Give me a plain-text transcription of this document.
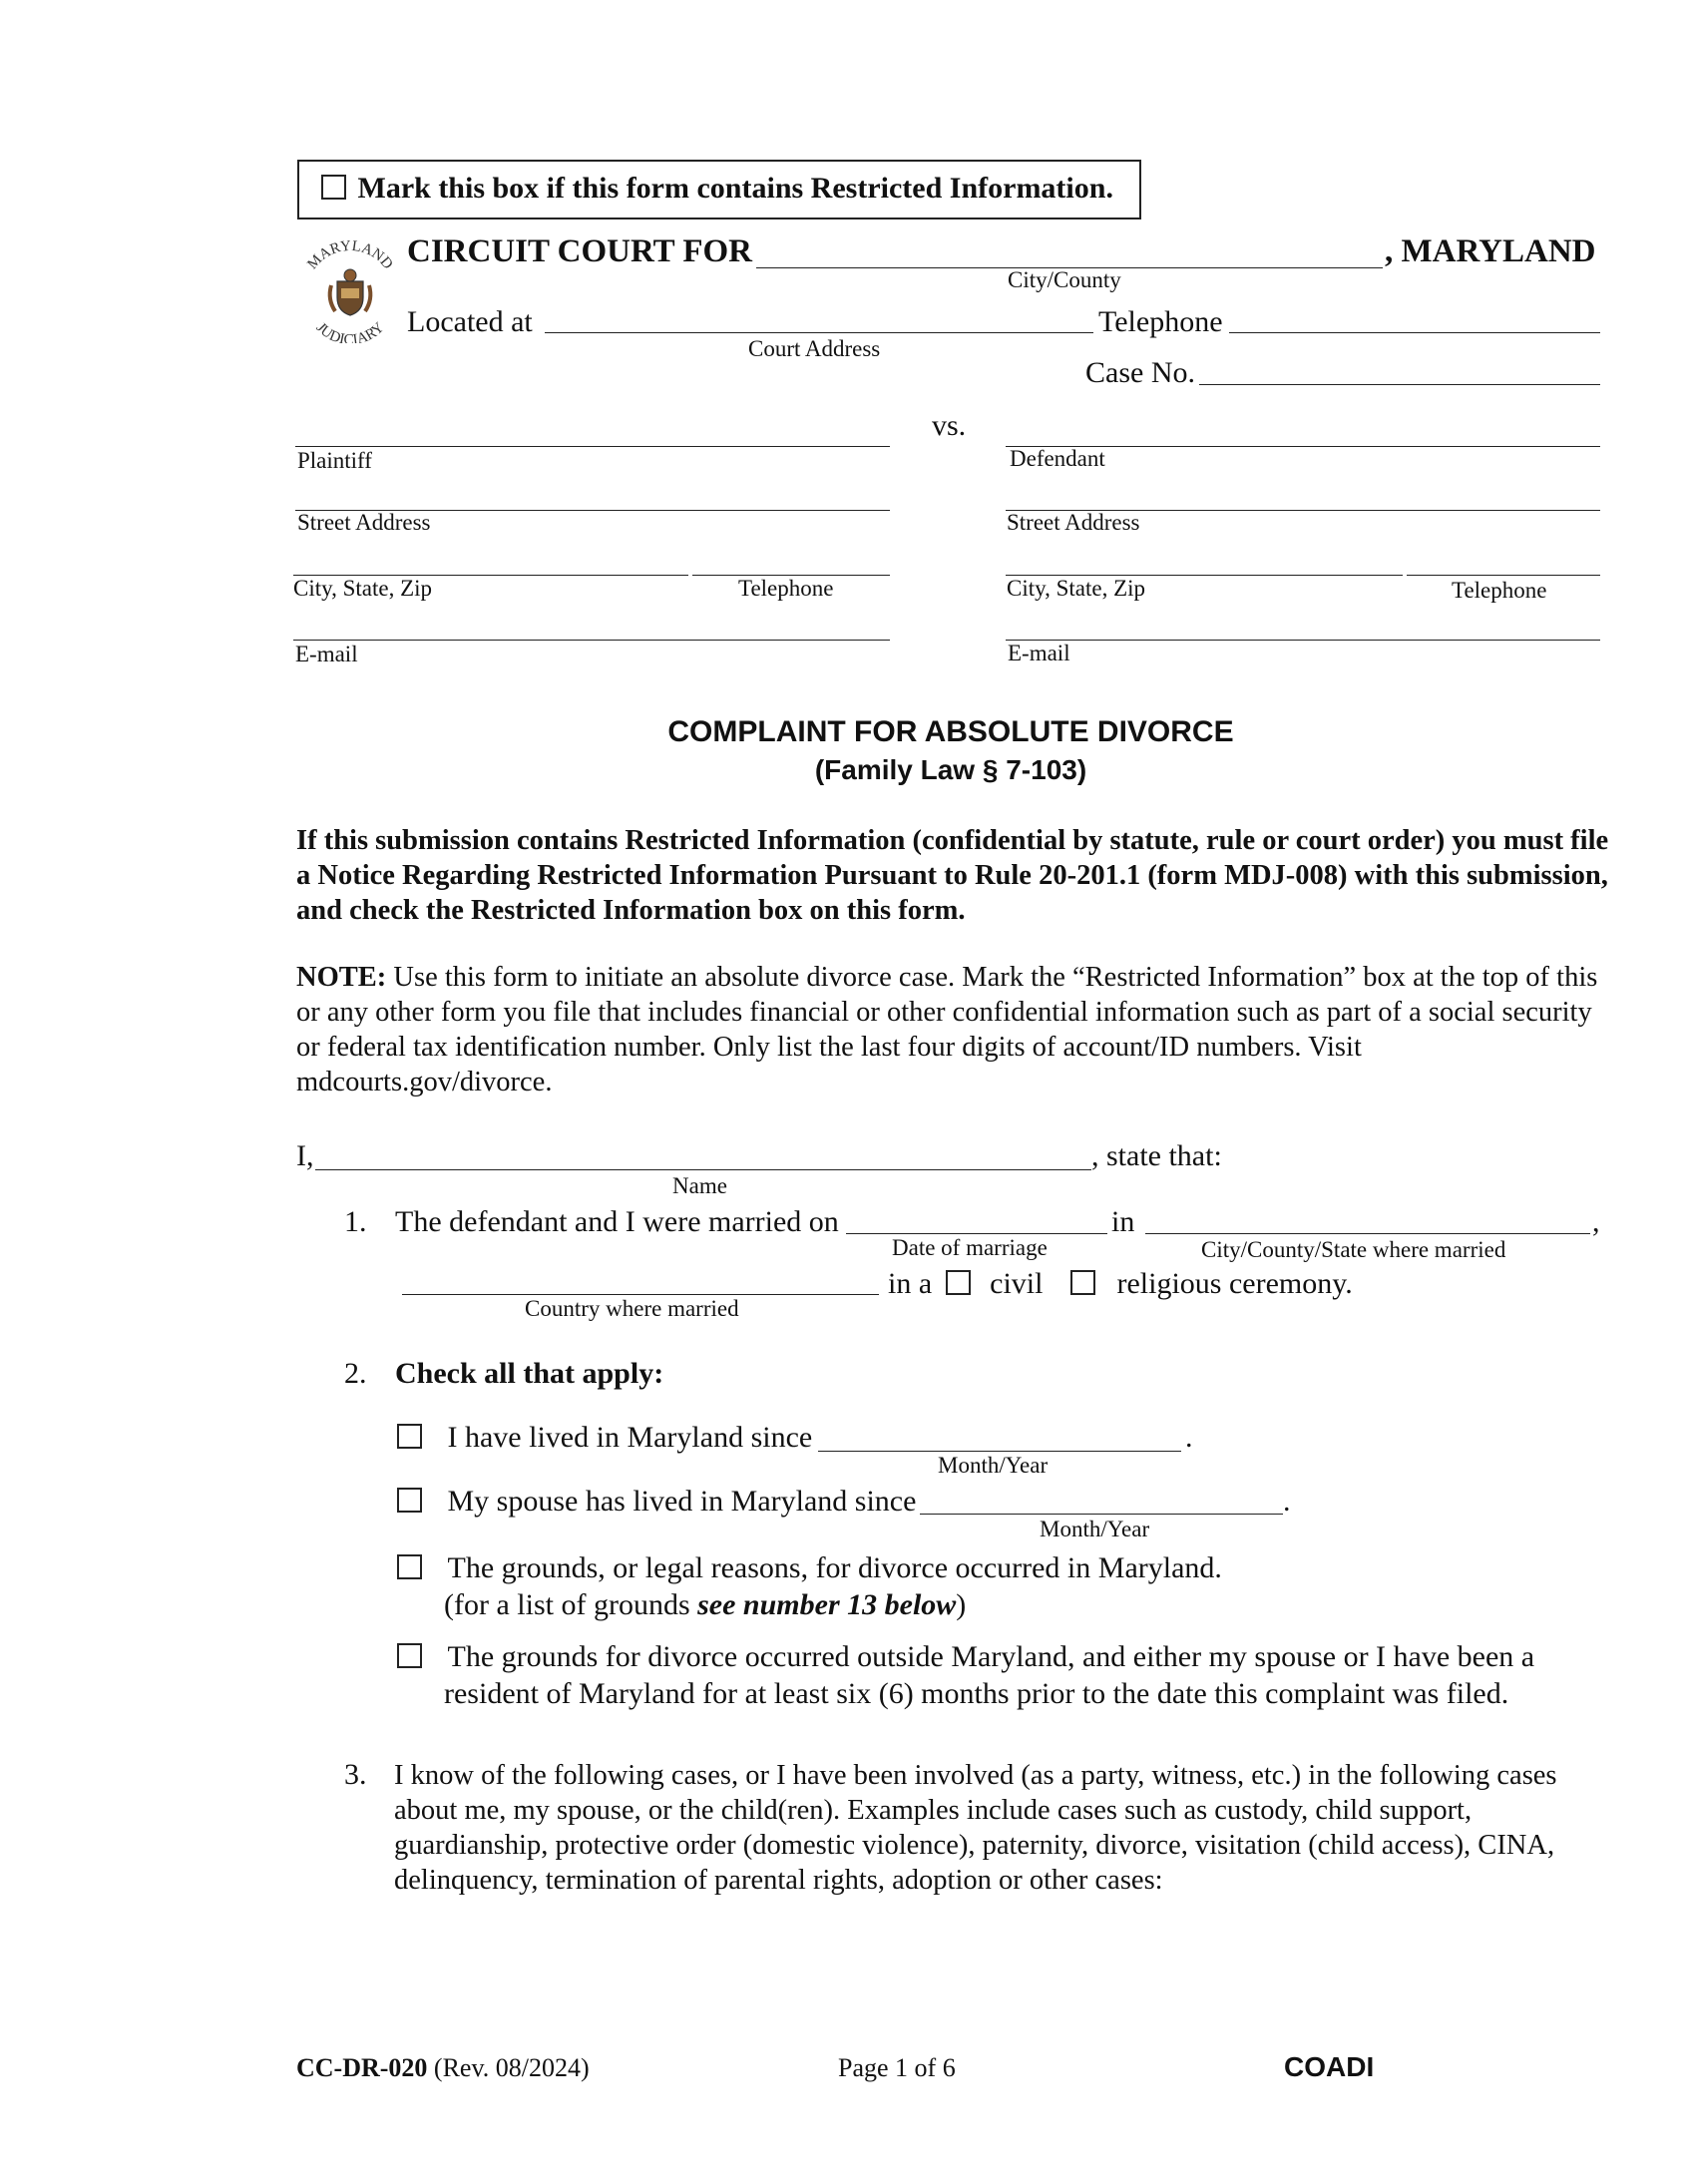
Mark this box if this form contains Restricted Information.
MARYLAND
JUDICIARY
CIRCUIT COURT FOR	, MARYLAND
City/County
Located at
Court Address
Telephone
Case No.
vs.
Plaintiff
Street Address
City, State, Zip	Telephone
E-mail
Defendant
Street Address
City, State, Zip	Telephone
E-mail
COMPLAINT FOR ABSOLUTE DIVORCE
(Family Law § 7-103)
If this submission contains Restricted Information (confidential by statute, rule or court order) you must file a Notice Regarding Restricted Information Pursuant to Rule 20-201.1 (form MDJ-008) with this submission, and check the Restricted Information box on this form.
NOTE: Use this form to initiate an absolute divorce case. Mark the “Restricted Information” box at the top of this or any other form you file that includes financial or other confidential information such as part of a social security or federal tax identification number. Only list the last four digits of account/ID numbers. Visit mdcourts.gov/divorce.
I,	, state that:
Name
1. The defendant and I were married on
Date of marriage
in	,
City/County/State where married
Country where married
in a civil religious ceremony.
2. Check all that apply:
I have lived in Maryland since	.
Month/Year
My spouse has lived in Maryland since	.
Month/Year
The grounds, or legal reasons, for divorce occurred in Maryland.
(for a list of grounds see number 13 below)
The grounds for divorce occurred outside Maryland, and either my spouse or I have been a
resident of Maryland for at least six (6) months prior to the date this complaint was filed.
3. I know of the following cases, or I have been involved (as a party, witness, etc.) in the following cases about me, my spouse, or the child(ren). Examples include cases such as custody, child support, guardianship, protective order (domestic violence), paternity, divorce, visitation (child access), CINA, delinquency, termination of parental rights, adoption or other cases:
CC-DR-020 (Rev. 08/2024)	Page 1 of 6	COADI
